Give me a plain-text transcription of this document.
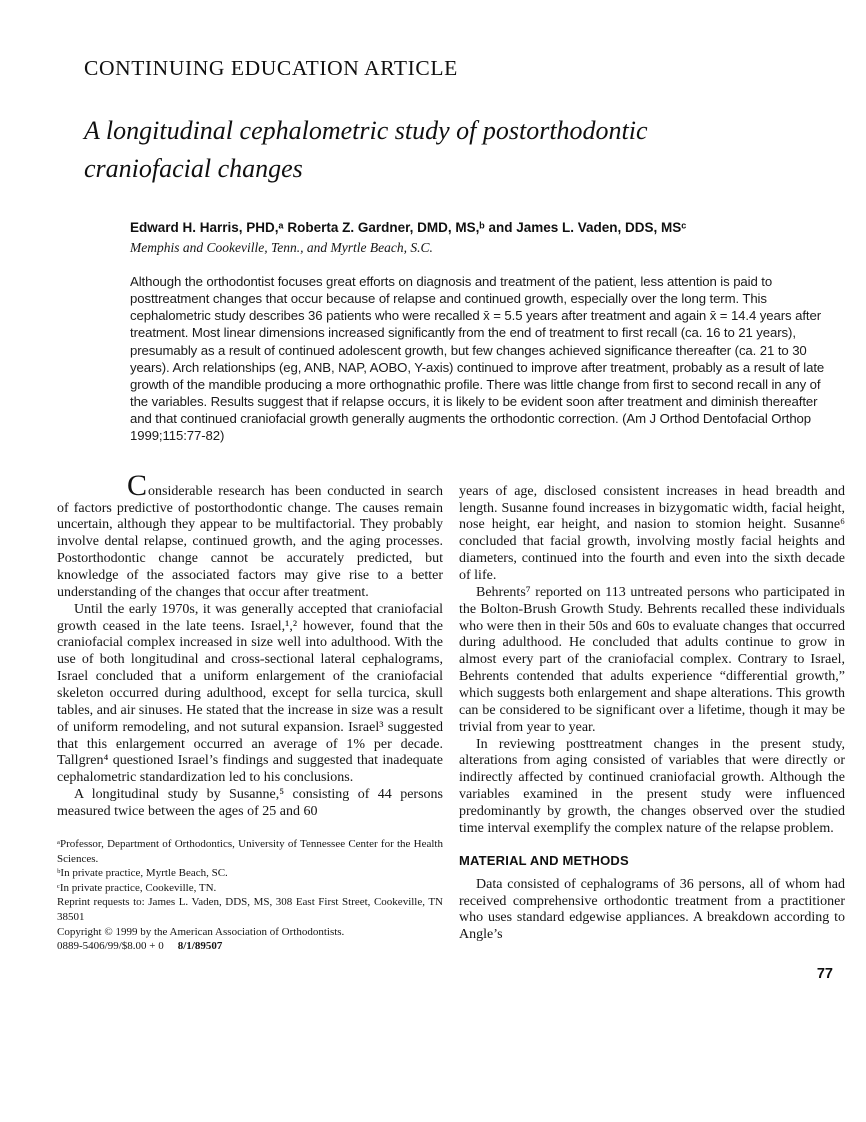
CONTINUING EDUCATION ARTICLE
A longitudinal cephalometric study of postorthodontic craniofacial changes
Edward H. Harris, PHD,ᵃ Roberta Z. Gardner, DMD, MS,ᵇ and James L. Vaden, DDS, MSᶜ
Memphis and Cookeville, Tenn., and Myrtle Beach, S.C.

Although the orthodontist focuses great efforts on diagnosis and treatment of the patient, less attention is paid to posttreatment changes that occur because of relapse and continued growth, especially over the long term. This cephalometric study describes 36 patients who were recalled x̄ = 5.5 years after treatment and again x̄ = 14.4 years after treatment. Most linear dimensions increased significantly from the end of treatment to first recall (ca. 16 to 21 years), presumably as a result of continued adolescent growth, but few changes achieved significance thereafter (ca. 21 to 30 years). Arch relationships (eg, ANB, NAP, AOBO, Y-axis) continued to improve after treatment, probably as a result of late growth of the mandible producing a more orthognathic profile. There was little change from first to second recall in any of the variables. Results suggest that if relapse occurs, it is likely to be evident soon after treatment and diminish thereafter and that continued craniofacial growth generally augments the orthodontic correction. (Am J Orthod Dentofacial Orthop 1999;115:77-82)

Considerable research has been conducted in search of factors predictive of postorthodontic change. The causes remain uncertain, although they appear to be multifactorial. They probably involve dental relapse, continued growth, and the aging processes. Postorthodontic change cannot be accurately predicted, but knowledge of the associated factors may give rise to a better understanding of the changes that occur after treatment.

Until the early 1970s, it was generally accepted that craniofacial growth ceased in the late teens. Israel,¹,² however, found that the craniofacial complex increased in size well into adulthood. With the use of both longitudinal and cross-sectional lateral cephalograms, Israel concluded that a uniform enlargement of the craniofacial skeleton occurred during adulthood, except for sella turcica, skull tables, and air sinuses. He stated that the increase in size was a result of uniform remodeling, and not sutural expansion. Israel³ suggested that this enlargement occurred an average of 1% per decade. Tallgren⁴ questioned Israel’s findings and suggested that inadequate cephalometric standardization led to his conclusions.

A longitudinal study by Susanne,⁵ consisting of 44 persons measured twice between the ages of 25 and 60

ᵃProfessor, Department of Orthodontics, University of Tennessee Center for the Health Sciences.

ᵇIn private practice, Myrtle Beach, SC.

ᶜIn private practice, Cookeville, TN.

Reprint requests to: James L. Vaden, DDS, MS, 308 East First Street, Cookeville, TN 38501

Copyright © 1999 by the American Association of Orthodontists.

0889-5406/99/$8.00 + 0 8/1/89507

years of age, disclosed consistent increases in head breadth and length. Susanne found increases in bizygomatic width, facial height, nose height, ear height, and nasion to stomion height. Susanne⁶ concluded that facial growth, involving mostly facial heights and diameters, continued into the fourth and even into the sixth decade of life.

Behrents⁷ reported on 113 untreated persons who participated in the Bolton-Brush Growth Study. Behrents recalled these individuals who were then in their 50s and 60s to evaluate changes that occurred during adulthood. He concluded that adults continue to grow in almost every part of the craniofacial complex. Contrary to Israel, Behrents contended that adults experience “differential growth,” which suggests both enlargement and shape alterations. This growth can be considered to be significant over a lifetime, though it may be trivial from year to year.

In reviewing posttreatment changes in the present study, alterations from aging consisted of variables that were directly or indirectly affected by continued craniofacial growth. Although the variables examined in the present study were influenced predominantly by growth, the changes observed over the studied time interval exemplify the complex nature of the relapse problem.

MATERIAL AND METHODS

Data consisted of cephalograms of 36 persons, all of whom had received comprehensive orthodontic treatment from a practitioner who uses standard edgewise appliances. A breakdown according to Angle’s

77
